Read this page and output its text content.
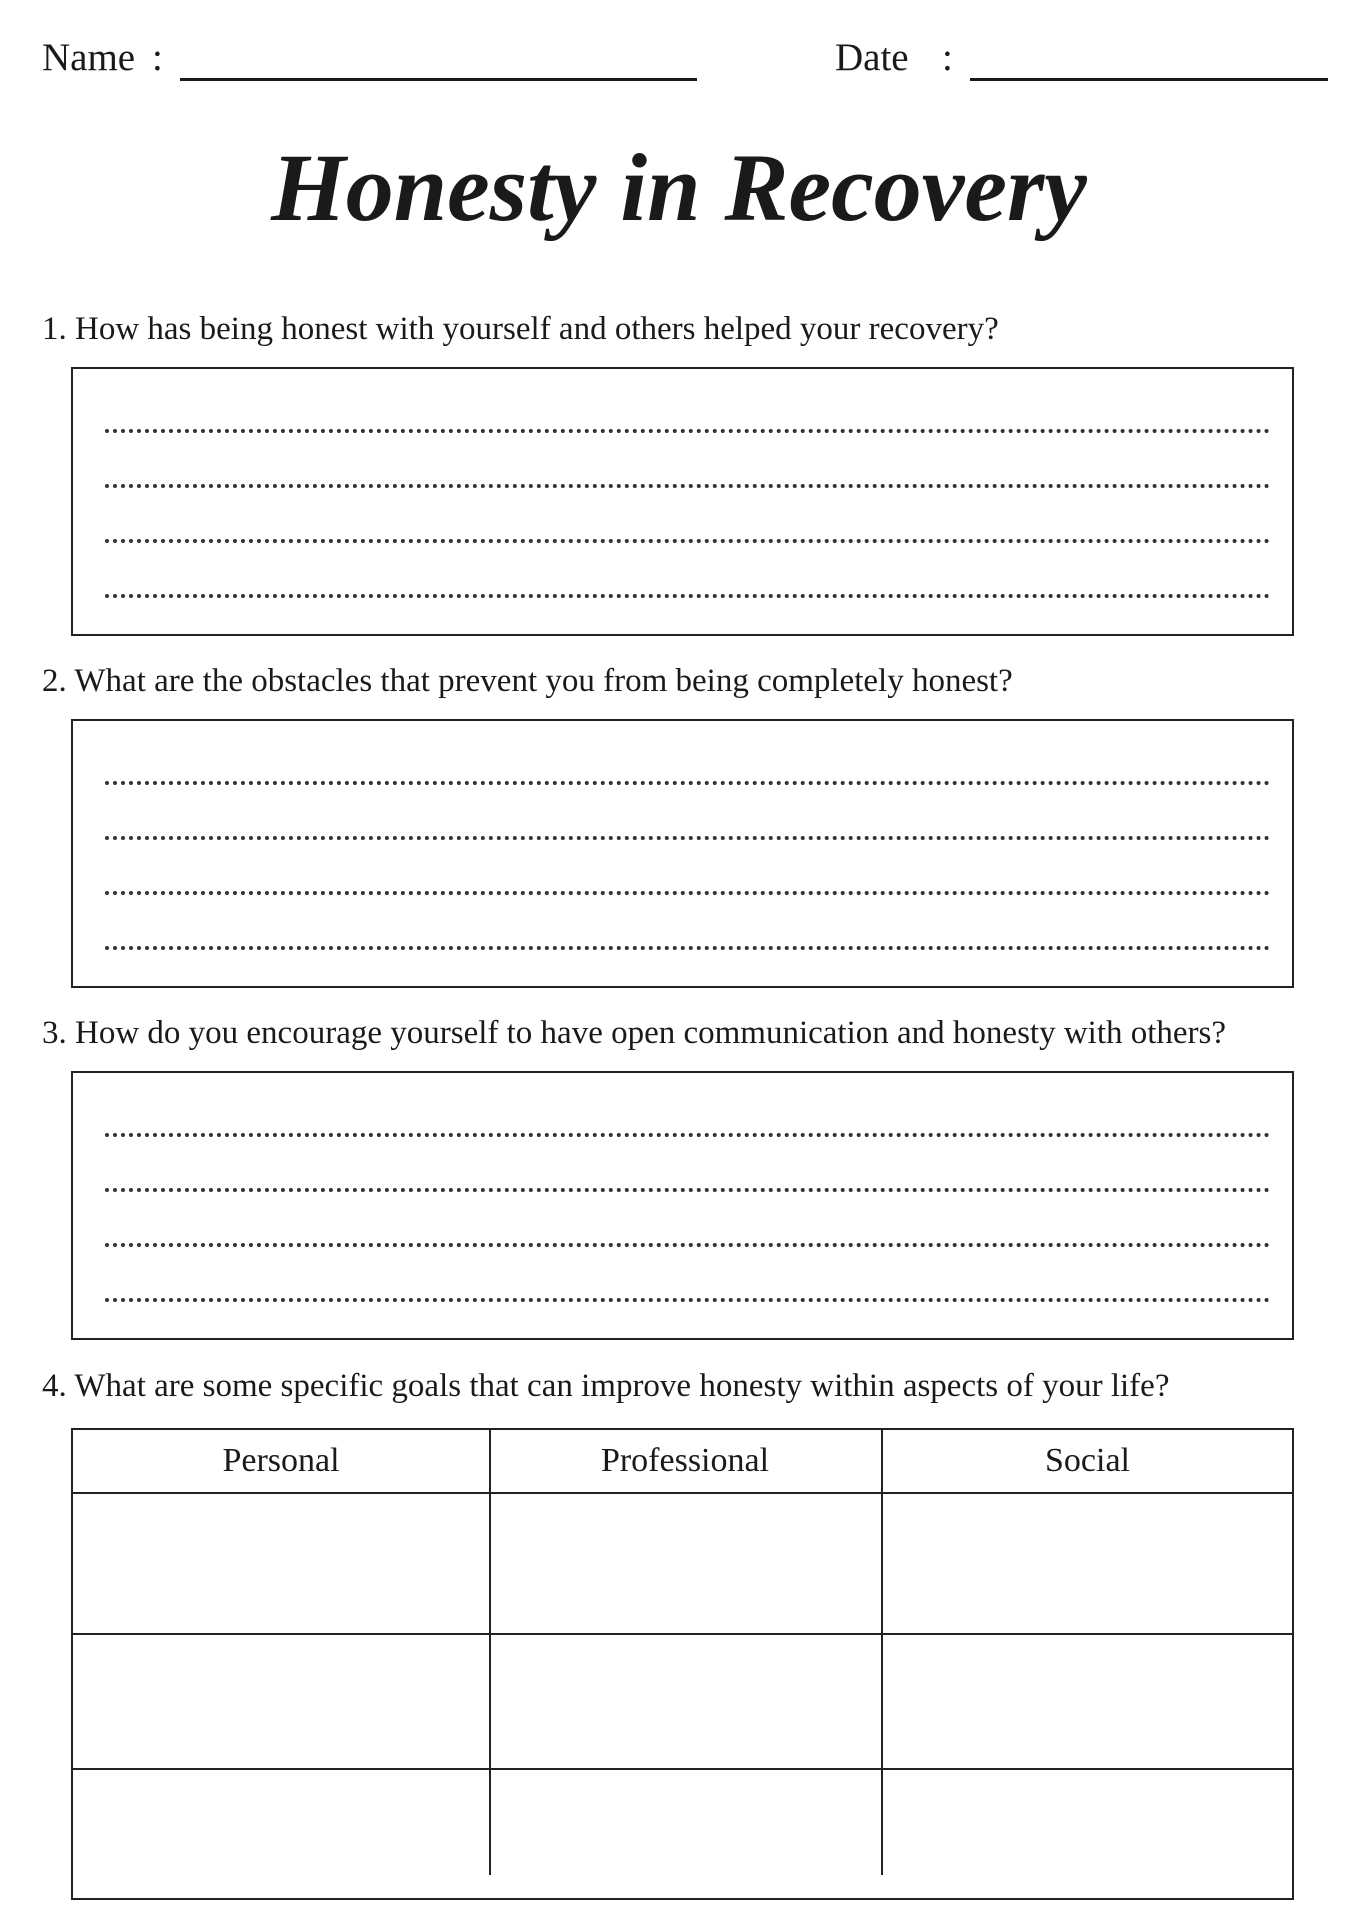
Name :	Date :
Honesty in Recovery
1. How has being honest with yourself and others helped your recovery?
2. What are the obstacles that prevent you from being completely honest?
3. How do you encourage yourself to have open communication and honesty with others?
4. What are some specific goals that can improve honesty within aspects of your life?
Personal	Professional	Social
